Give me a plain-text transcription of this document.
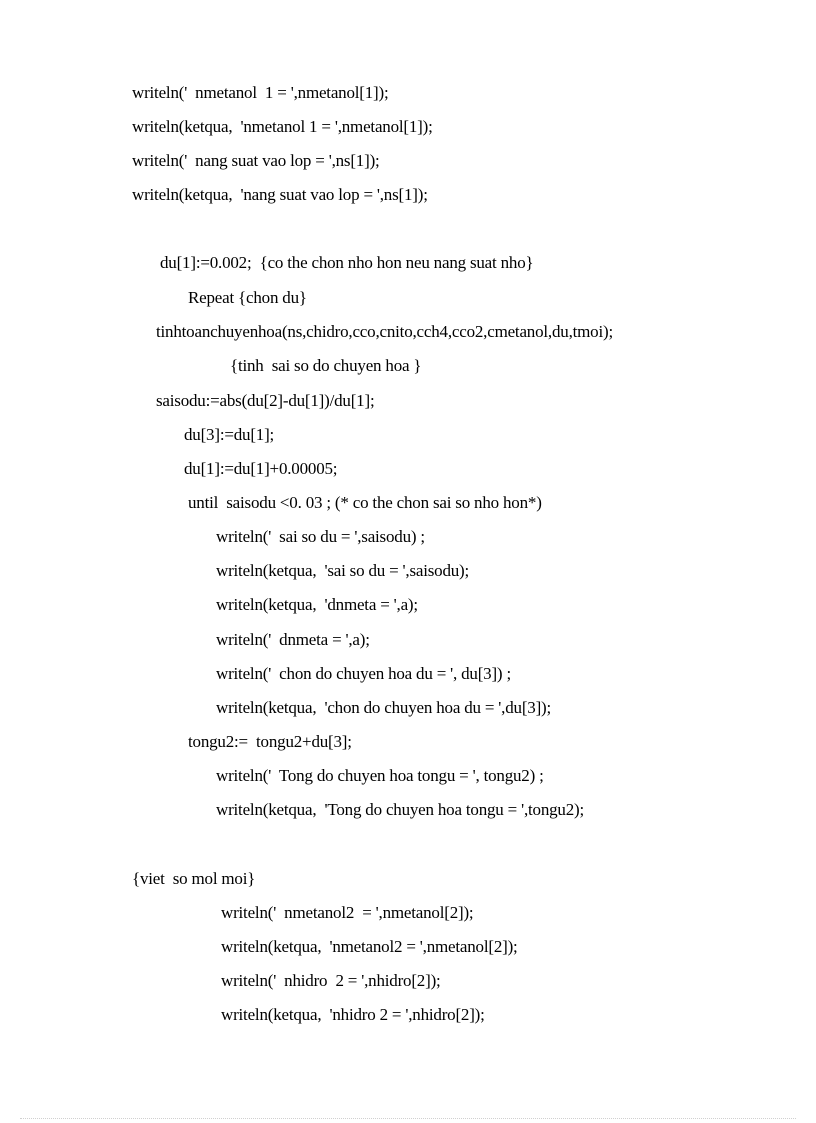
writeln('  nmetanol  1 = ',nmetanol[1]);
writeln(ketqua,  'nmetanol 1 = ',nmetanol[1]);
writeln('  nang suat vao lop = ',ns[1]);
writeln(ketqua,  'nang suat vao lop = ',ns[1]);
du[1]:=0.002;  {co the chon nho hon neu nang suat nho}
Repeat {chon du}
tinhtoanchuyenhoa(ns,chidro,cco,cnito,cch4,cco2,cmetanol,du,tmoi);
{tinh  sai so do chuyen hoa }
saisodu:=abs(du[2]-du[1])/du[1];
du[3]:=du[1];
du[1]:=du[1]+0.00005;
until  saisodu <0. 03 ; (* co the chon sai so nho hon*)
writeln('  sai so du = ',saisodu) ;
writeln(ketqua,  'sai so du = ',saisodu);
writeln(ketqua,  'dnmeta = ',a);
writeln('  dnmeta = ',a);
writeln('  chon do chuyen hoa du = ', du[3]) ;
writeln(ketqua,  'chon do chuyen hoa du = ',du[3]);
tongu2:=  tongu2+du[3];
writeln('  Tong do chuyen hoa tongu = ', tongu2) ;
writeln(ketqua,  'Tong do chuyen hoa tongu = ',tongu2);
{viet  so mol moi}
writeln('  nmetanol2  = ',nmetanol[2]);
writeln(ketqua,  'nmetanol2 = ',nmetanol[2]);
writeln('  nhidro  2 = ',nhidro[2]);
writeln(ketqua,  'nhidro 2 = ',nhidro[2]);
